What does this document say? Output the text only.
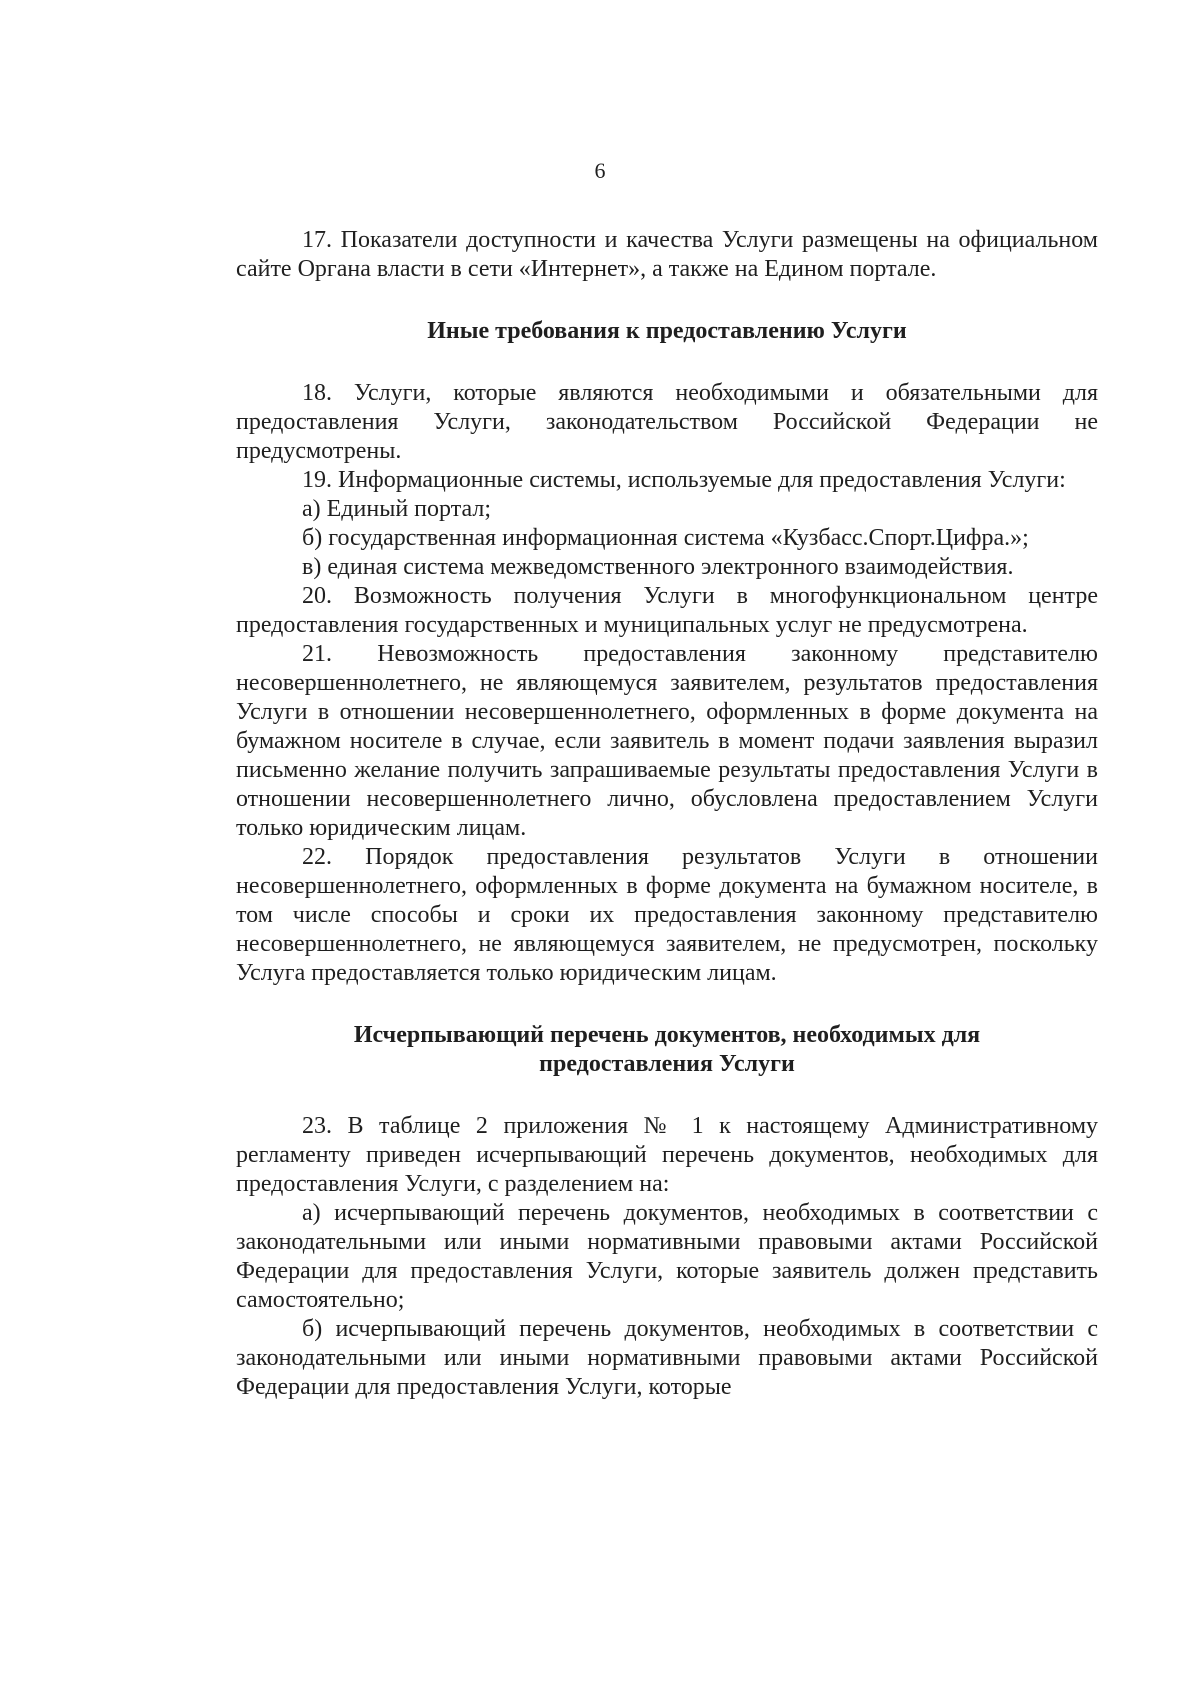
6

17. Показатели доступности и качества Услуги размещены на официальном сайте Органа власти в сети «Интернет», а также на Едином портале.

Иные требования к предоставлению Услуги

18. Услуги, которые являются необходимыми и обязательными для предоставления Услуги, законодательством Российской Федерации не предусмотрены.

19. Информационные системы, используемые для предоставления Услуги:

а) Единый портал;

б) государственная информационная система «Кузбасс.Спорт.Цифра.»;

в) единая система межведомственного электронного взаимодействия.

20. Возможность получения Услуги в многофункциональном центре предоставления государственных и муниципальных услуг не предусмотрена.

21. Невозможность предоставления законному представителю несовершеннолетнего, не являющемуся заявителем, результатов предоставления Услуги в отношении несовершеннолетнего, оформленных в форме документа на бумажном носителе в случае, если заявитель в момент подачи заявления выразил письменно желание получить запрашиваемые результаты предоставления Услуги в отношении несовершеннолетнего лично, обусловлена предоставлением Услуги только юридическим лицам.

22. Порядок предоставления результатов Услуги в отношении несовершеннолетнего, оформленных в форме документа на бумажном носителе, в том числе способы и сроки их предоставления законному представителю несовершеннолетнего, не являющемуся заявителем, не предусмотрен, поскольку Услуга предоставляется только юридическим лицам.

Исчерпывающий перечень документов, необходимых для

предоставления Услуги

23. В таблице 2 приложения № 1 к настоящему Административному регламенту приведен исчерпывающий перечень документов, необходимых для предоставления Услуги, с разделением на:

а) исчерпывающий перечень документов, необходимых в соответствии с законодательными или иными нормативными правовыми актами Российской Федерации для предоставления Услуги, которые заявитель должен представить самостоятельно;

б) исчерпывающий перечень документов, необходимых в соответствии с законодательными или иными нормативными правовыми актами Российской Федерации для предоставления Услуги, которые
